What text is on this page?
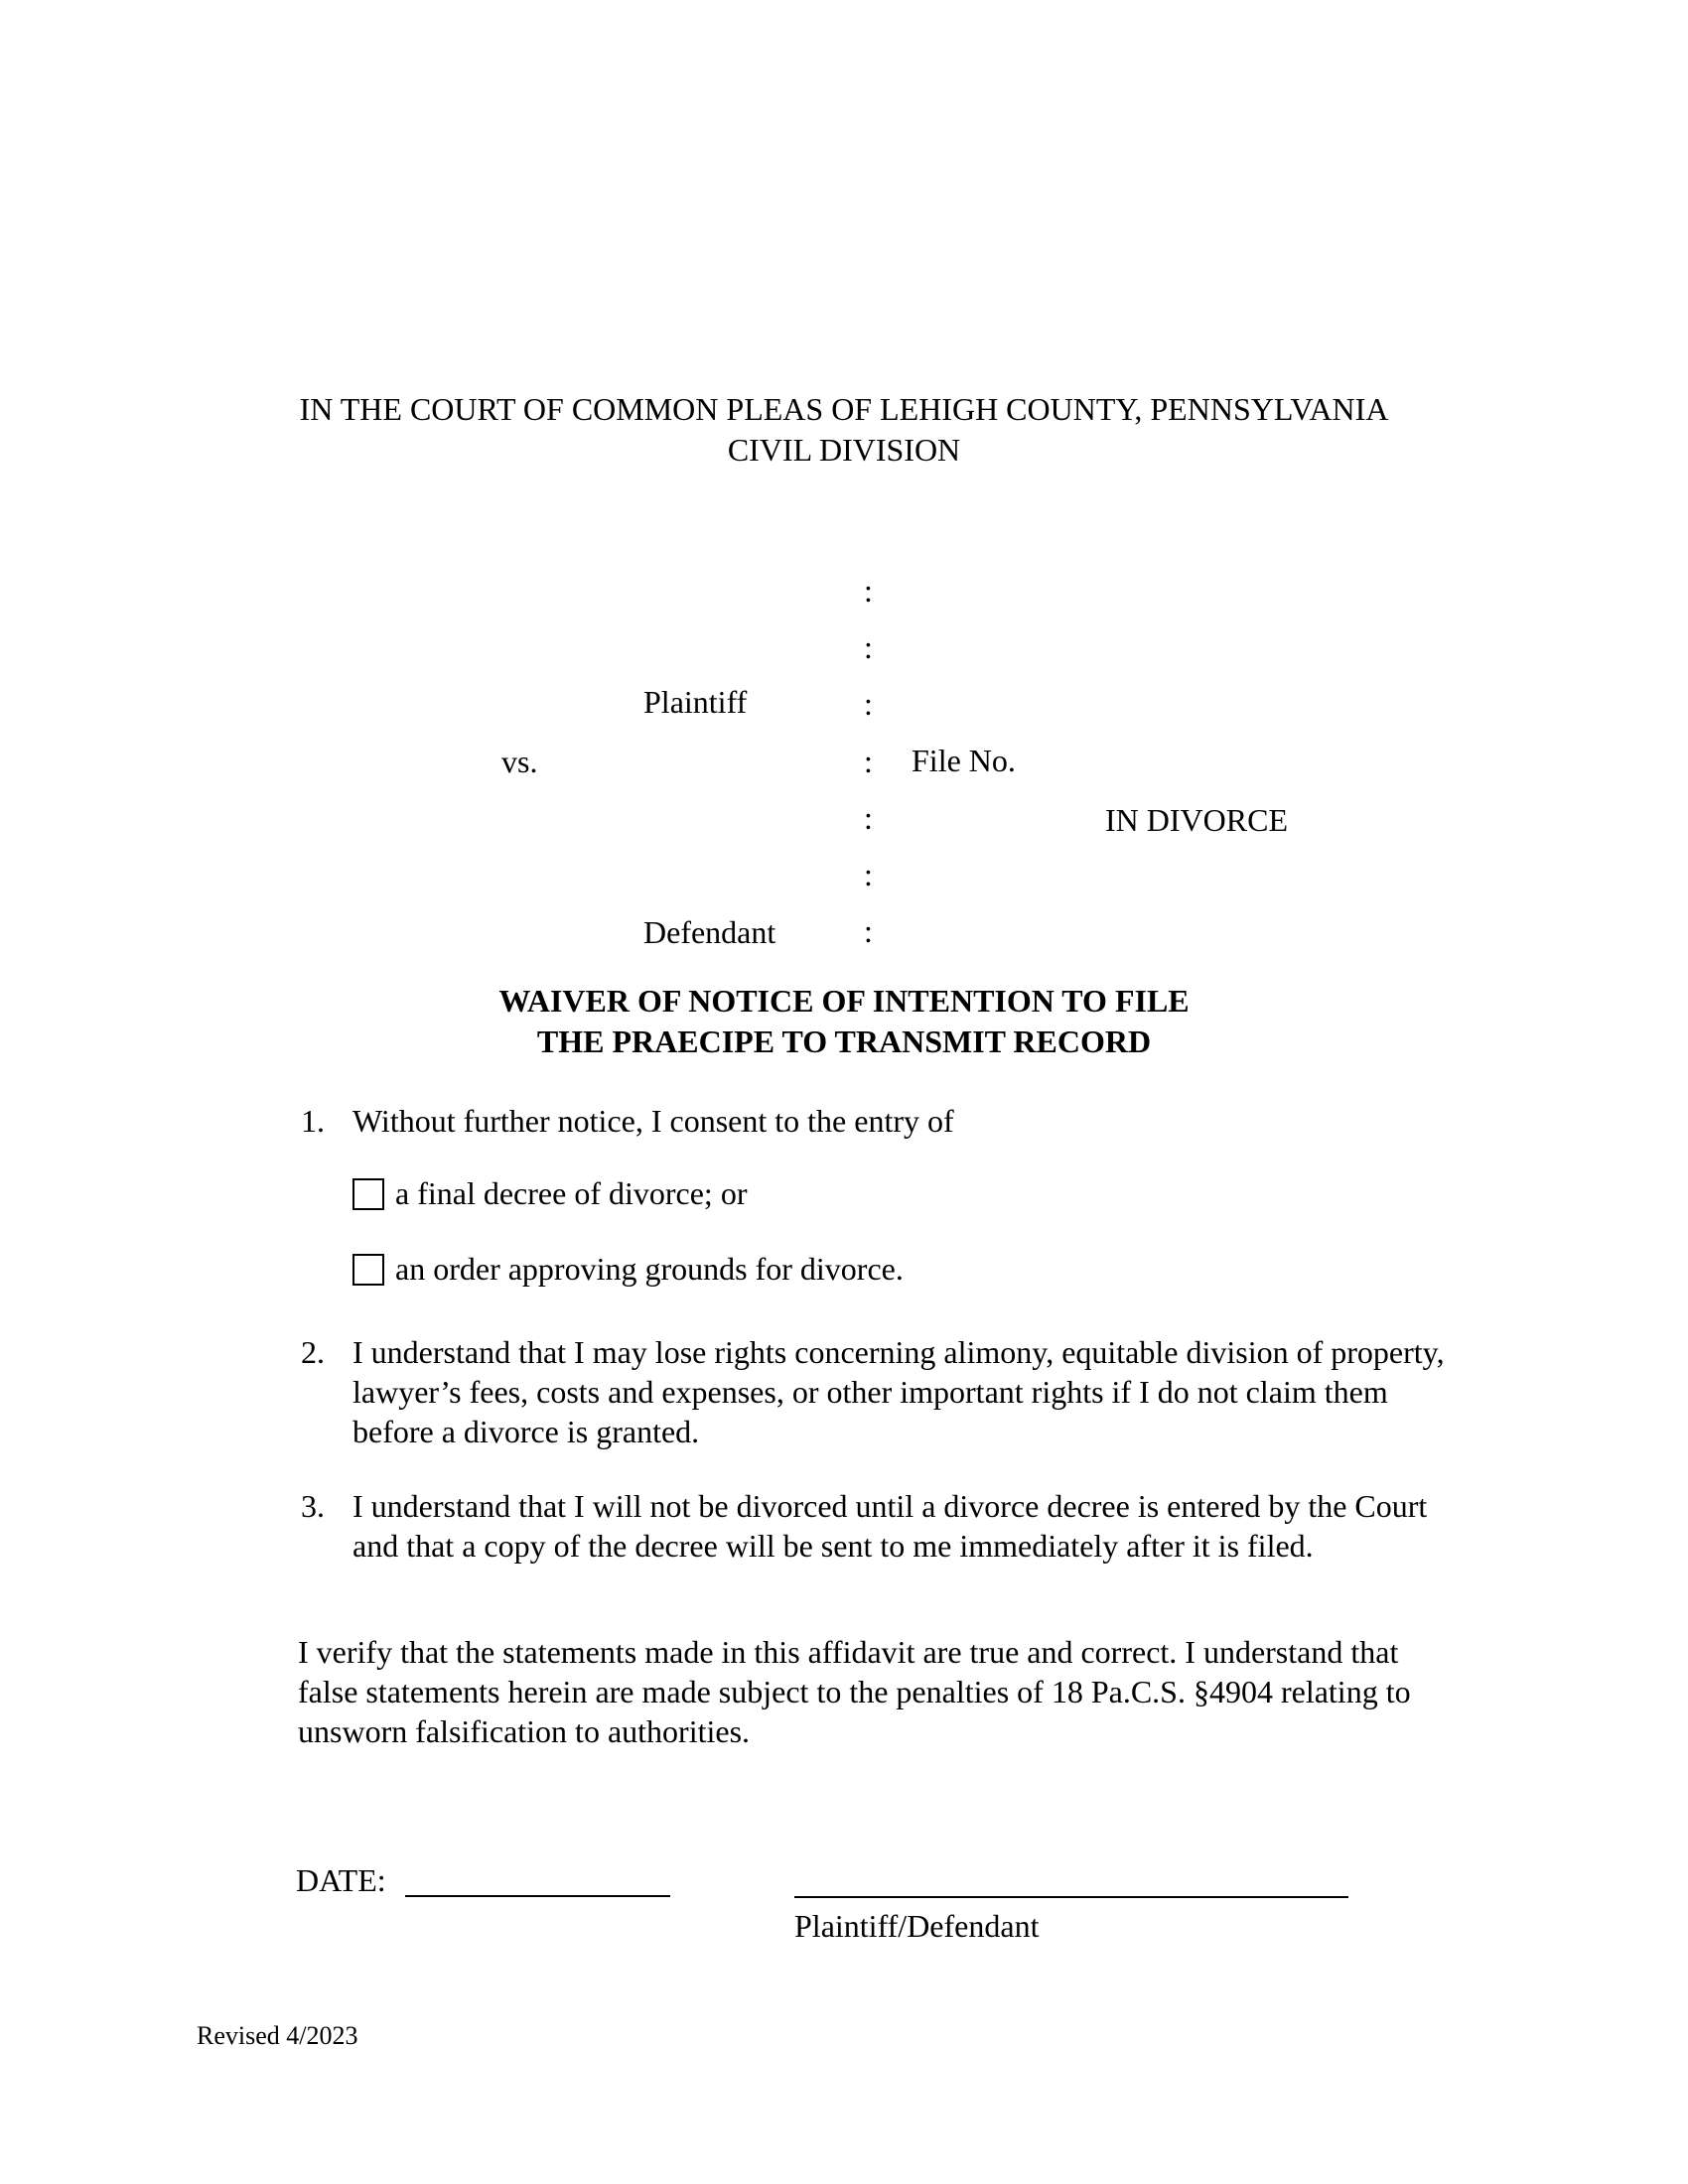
IN THE COURT OF COMMON PLEAS OF LEHIGH COUNTY, PENNSYLVANIA
CIVIL DIVISION
:
:
:
:
:
:
:
Plaintiff
vs.	File No.
IN DIVORCE
Defendant
WAIVER OF NOTICE OF INTENTION TO FILE
THE PRAECIPE TO TRANSMIT RECORD
1. Without further notice, I consent to the entry of
a final decree of divorce; or
an order approving grounds for divorce.
2. I understand that I may lose rights concerning alimony, equitable division of property,
lawyer’s fees, costs and expenses, or other important rights if I do not claim them
before a divorce is granted.
3. I understand that I will not be divorced until a divorce decree is entered by the Court
and that a copy of the decree will be sent to me immediately after it is filed.
I verify that the statements made in this affidavit are true and correct. I understand that
false statements herein are made subject to the penalties of 18 Pa.C.S. §4904 relating to
unsworn falsification to authorities.
DATE:
Plaintiff/Defendant
Revised 4/2023
